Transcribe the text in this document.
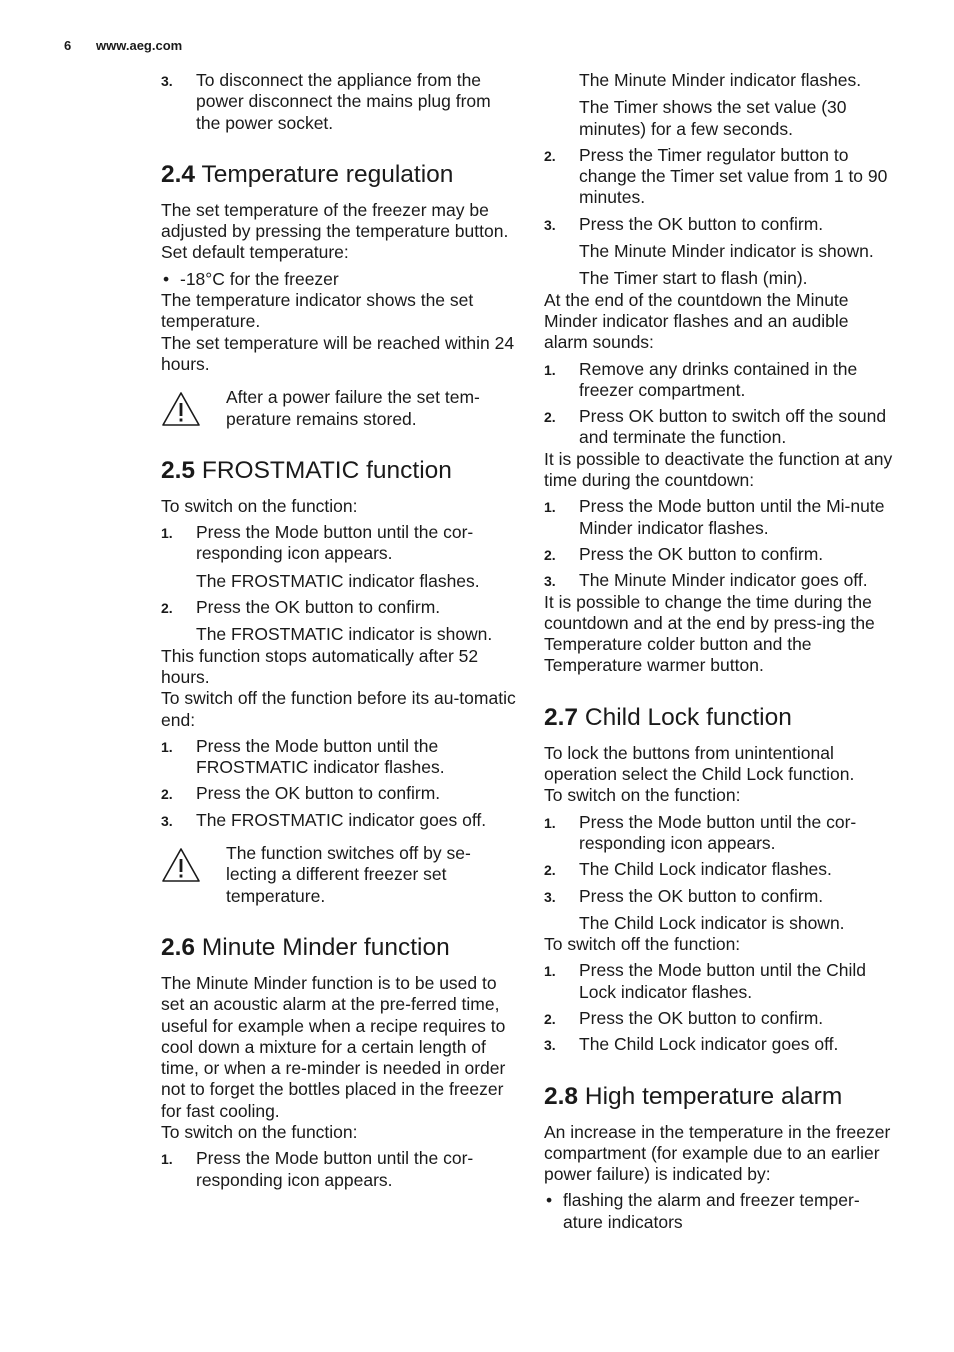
6 www.aeg.com
3. To disconnect the appliance from the power disconnect the mains plug from the power socket.
2.4 Temperature regulation

The set temperature of the freezer may be adjusted by pressing the temperature button.

Set default temperature:

• -18°C for the freezer

The temperature indicator shows the set temperature.

The set temperature will be reached within 24 hours.

After a power failure the set tem-perature remains stored.
2.5 FROSTMATIC function

To switch on the function:

1. Press the Mode button until the cor-responding icon appears.

The FROSTMATIC indicator flashes.

2. Press the OK button to confirm.

The FROSTMATIC indicator is shown.

This function stops automatically after 52 hours.

To switch off the function before its au-tomatic end:

1. Press the Mode button until the FROSTMATIC indicator flashes.
2. Press the OK button to confirm.
3. The FROSTMATIC indicator goes off.
The function switches off by se-lecting a different freezer set temperature.
2.6 Minute Minder function

The Minute Minder function is to be used to set an acoustic alarm at the pre-ferred time, useful for example when a recipe requires to cool down a mixture for a certain length of time, or when a re-minder is needed in order not to forget the bottles placed in the freezer for fast cooling.

To switch on the function:

1. Press the Mode button until the cor-responding icon appears.

The Minute Minder indicator flashes.

The Timer shows the set value (30 minutes) for a few seconds.

2. Press the Timer regulator button to change the Timer set value from 1 to 90 minutes.
3. Press the OK button to confirm.

The Minute Minder indicator is shown.

The Timer start to flash (min).

At the end of the countdown the Minute Minder indicator flashes and an audible alarm sounds:

1. Remove any drinks contained in the freezer compartment.
2. Press OK button to switch off the sound and terminate the function.

It is possible to deactivate the function at any time during the countdown:

1. Press the Mode button until the Mi-nute Minder indicator flashes.
2. Press the OK button to confirm.
3. The Minute Minder indicator goes off.

It is possible to change the time during the countdown and at the end by press-ing the Temperature colder button and the Temperature warmer button.

2.7 Child Lock function

To lock the buttons from unintentional operation select the Child Lock function.

To switch on the function:

1. Press the Mode button until the cor-responding icon appears.
2. The Child Lock indicator flashes.
3. Press the OK button to confirm.

The Child Lock indicator is shown.

To switch off the function:

1. Press the Mode button until the Child Lock indicator flashes.
2. Press the OK button to confirm.
3. The Child Lock indicator goes off.
2.8 High temperature alarm

An increase in the temperature in the freezer compartment (for example due to an earlier power failure) is indicated by:

• flashing the alarm and freezer temper-ature indicators
